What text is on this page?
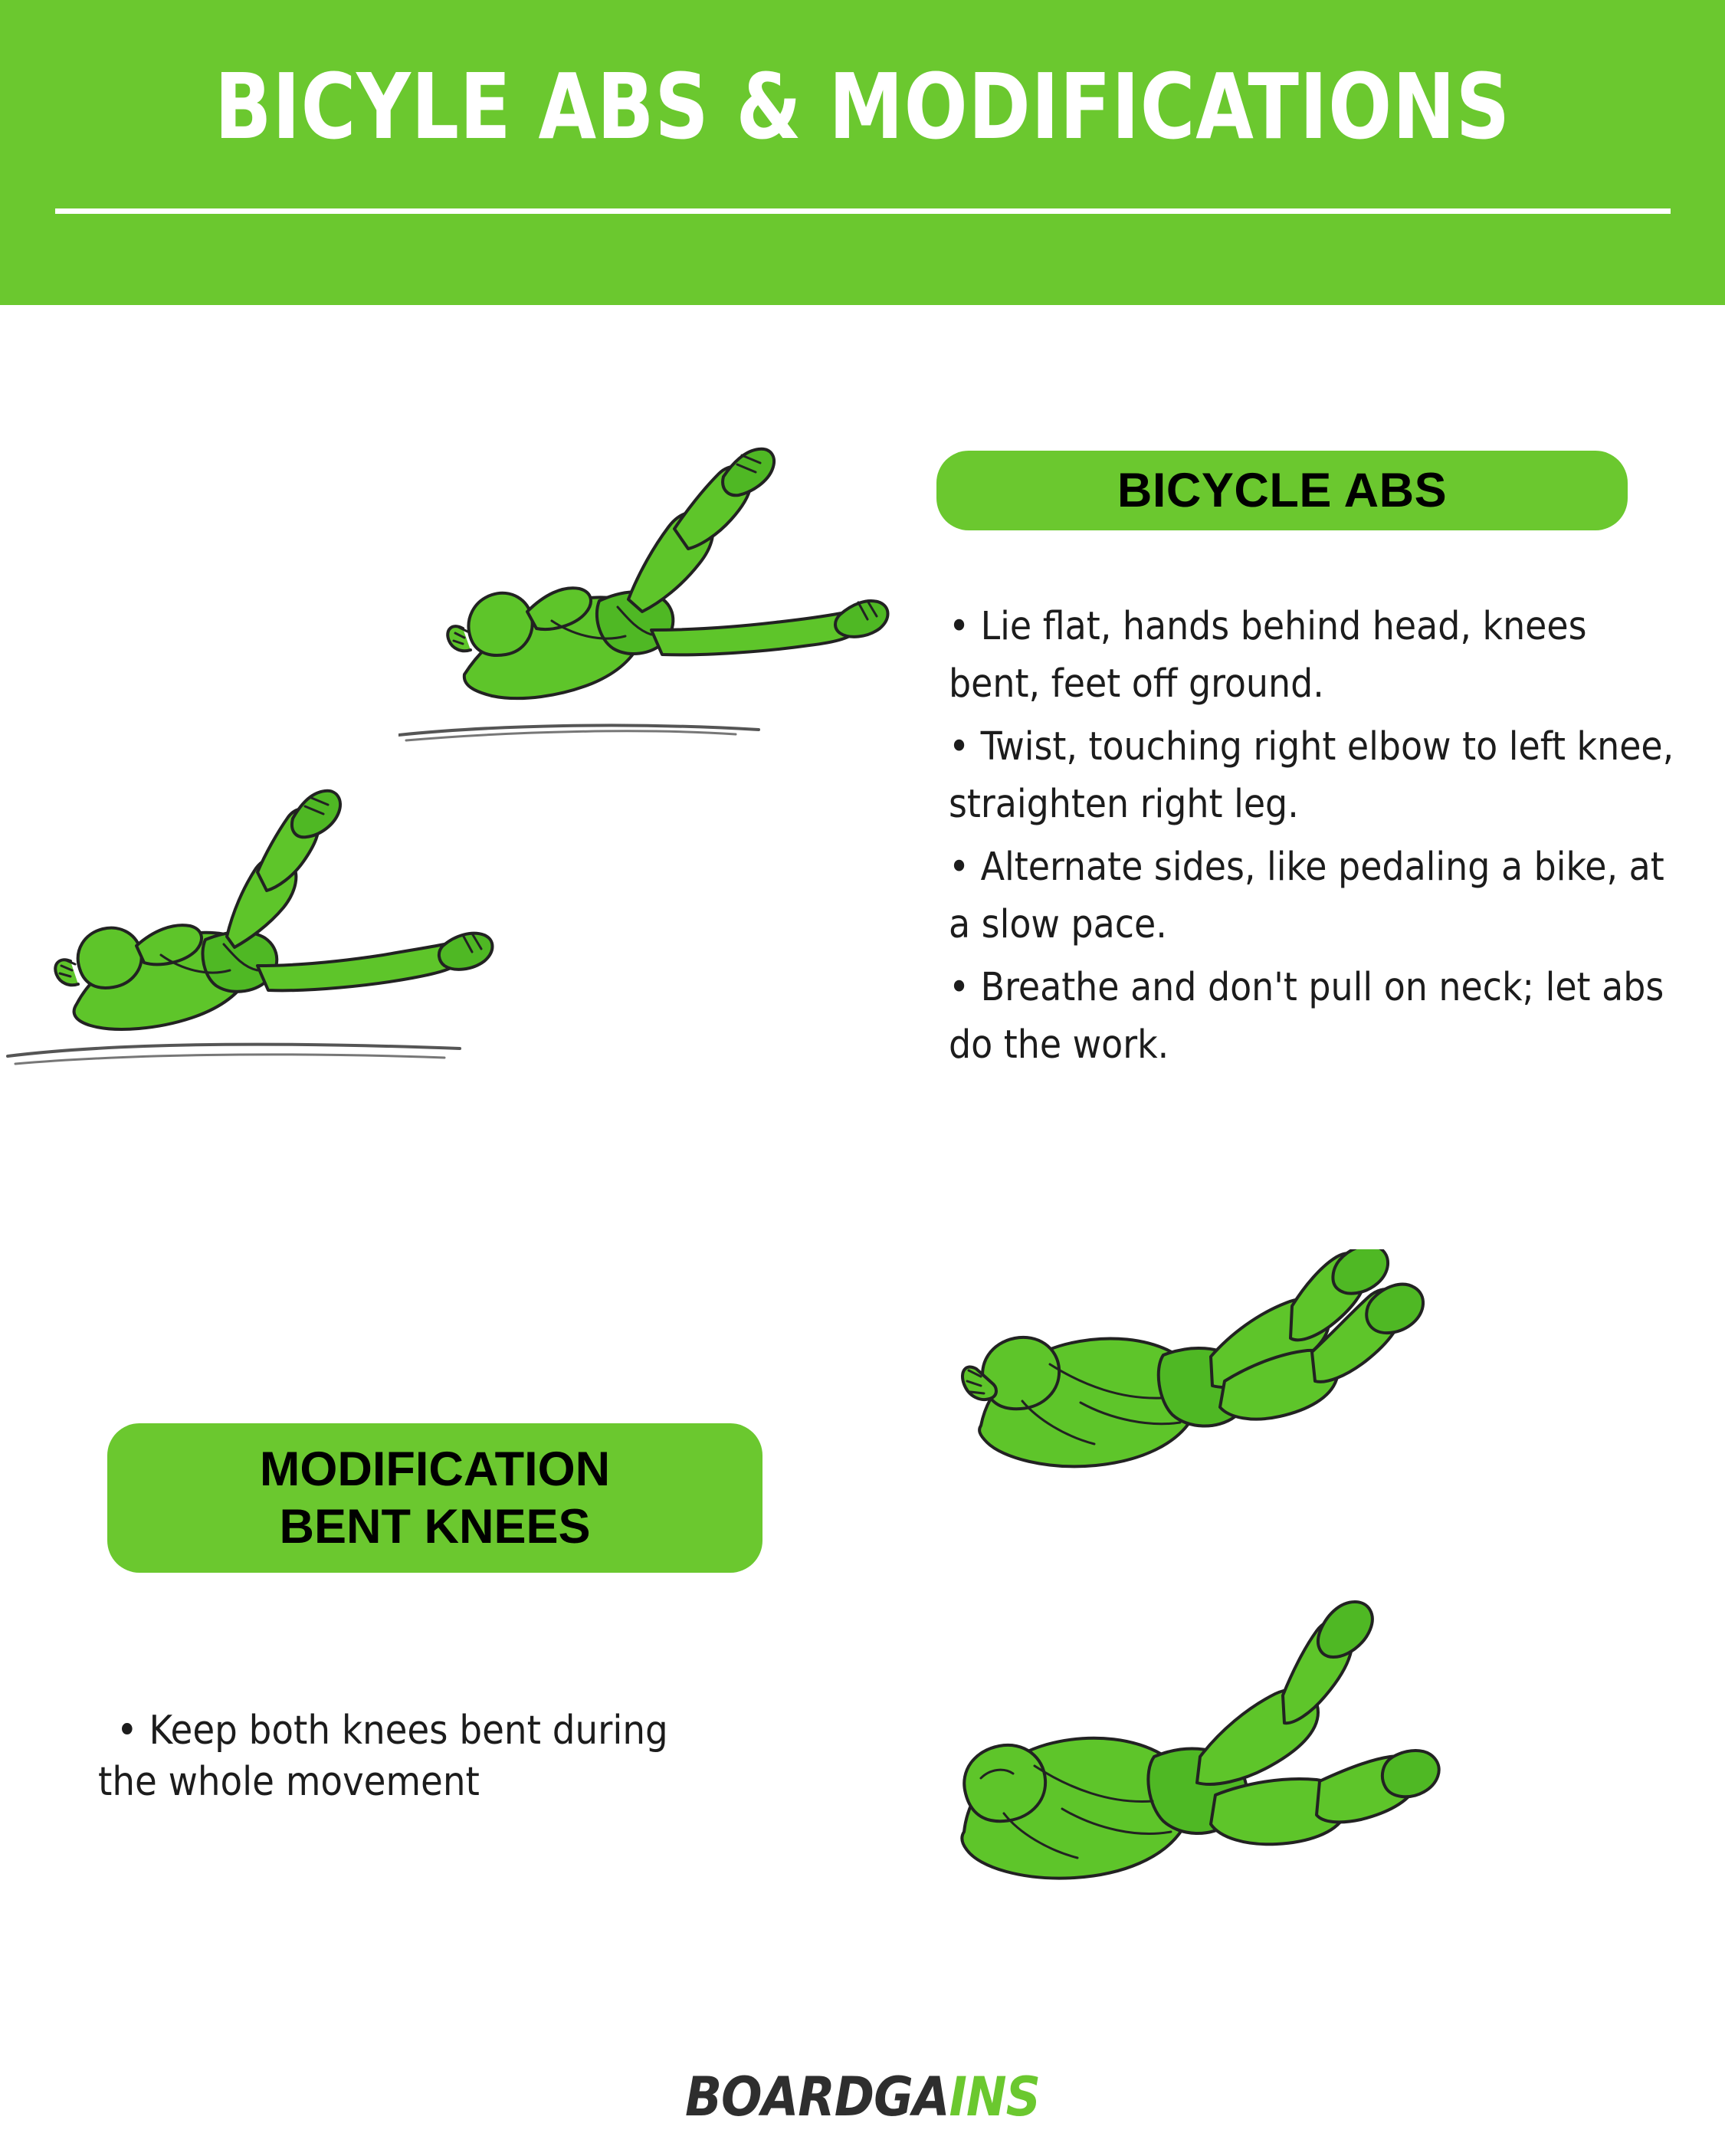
BICYLE ABS & MODIFICATIONS
BICYCLE ABS

• Lie flat, hands behind head, knees bent, feet off ground.

• Twist, touching right elbow to left knee, straighten right leg.

• Alternate sides, like pedaling a bike, at a slow pace.

• Breathe and don't pull on neck; let abs do the work.

MODIFICATION
BENT KNEES
• Keep both knees bent during
the whole movement
BOARDGAINS
